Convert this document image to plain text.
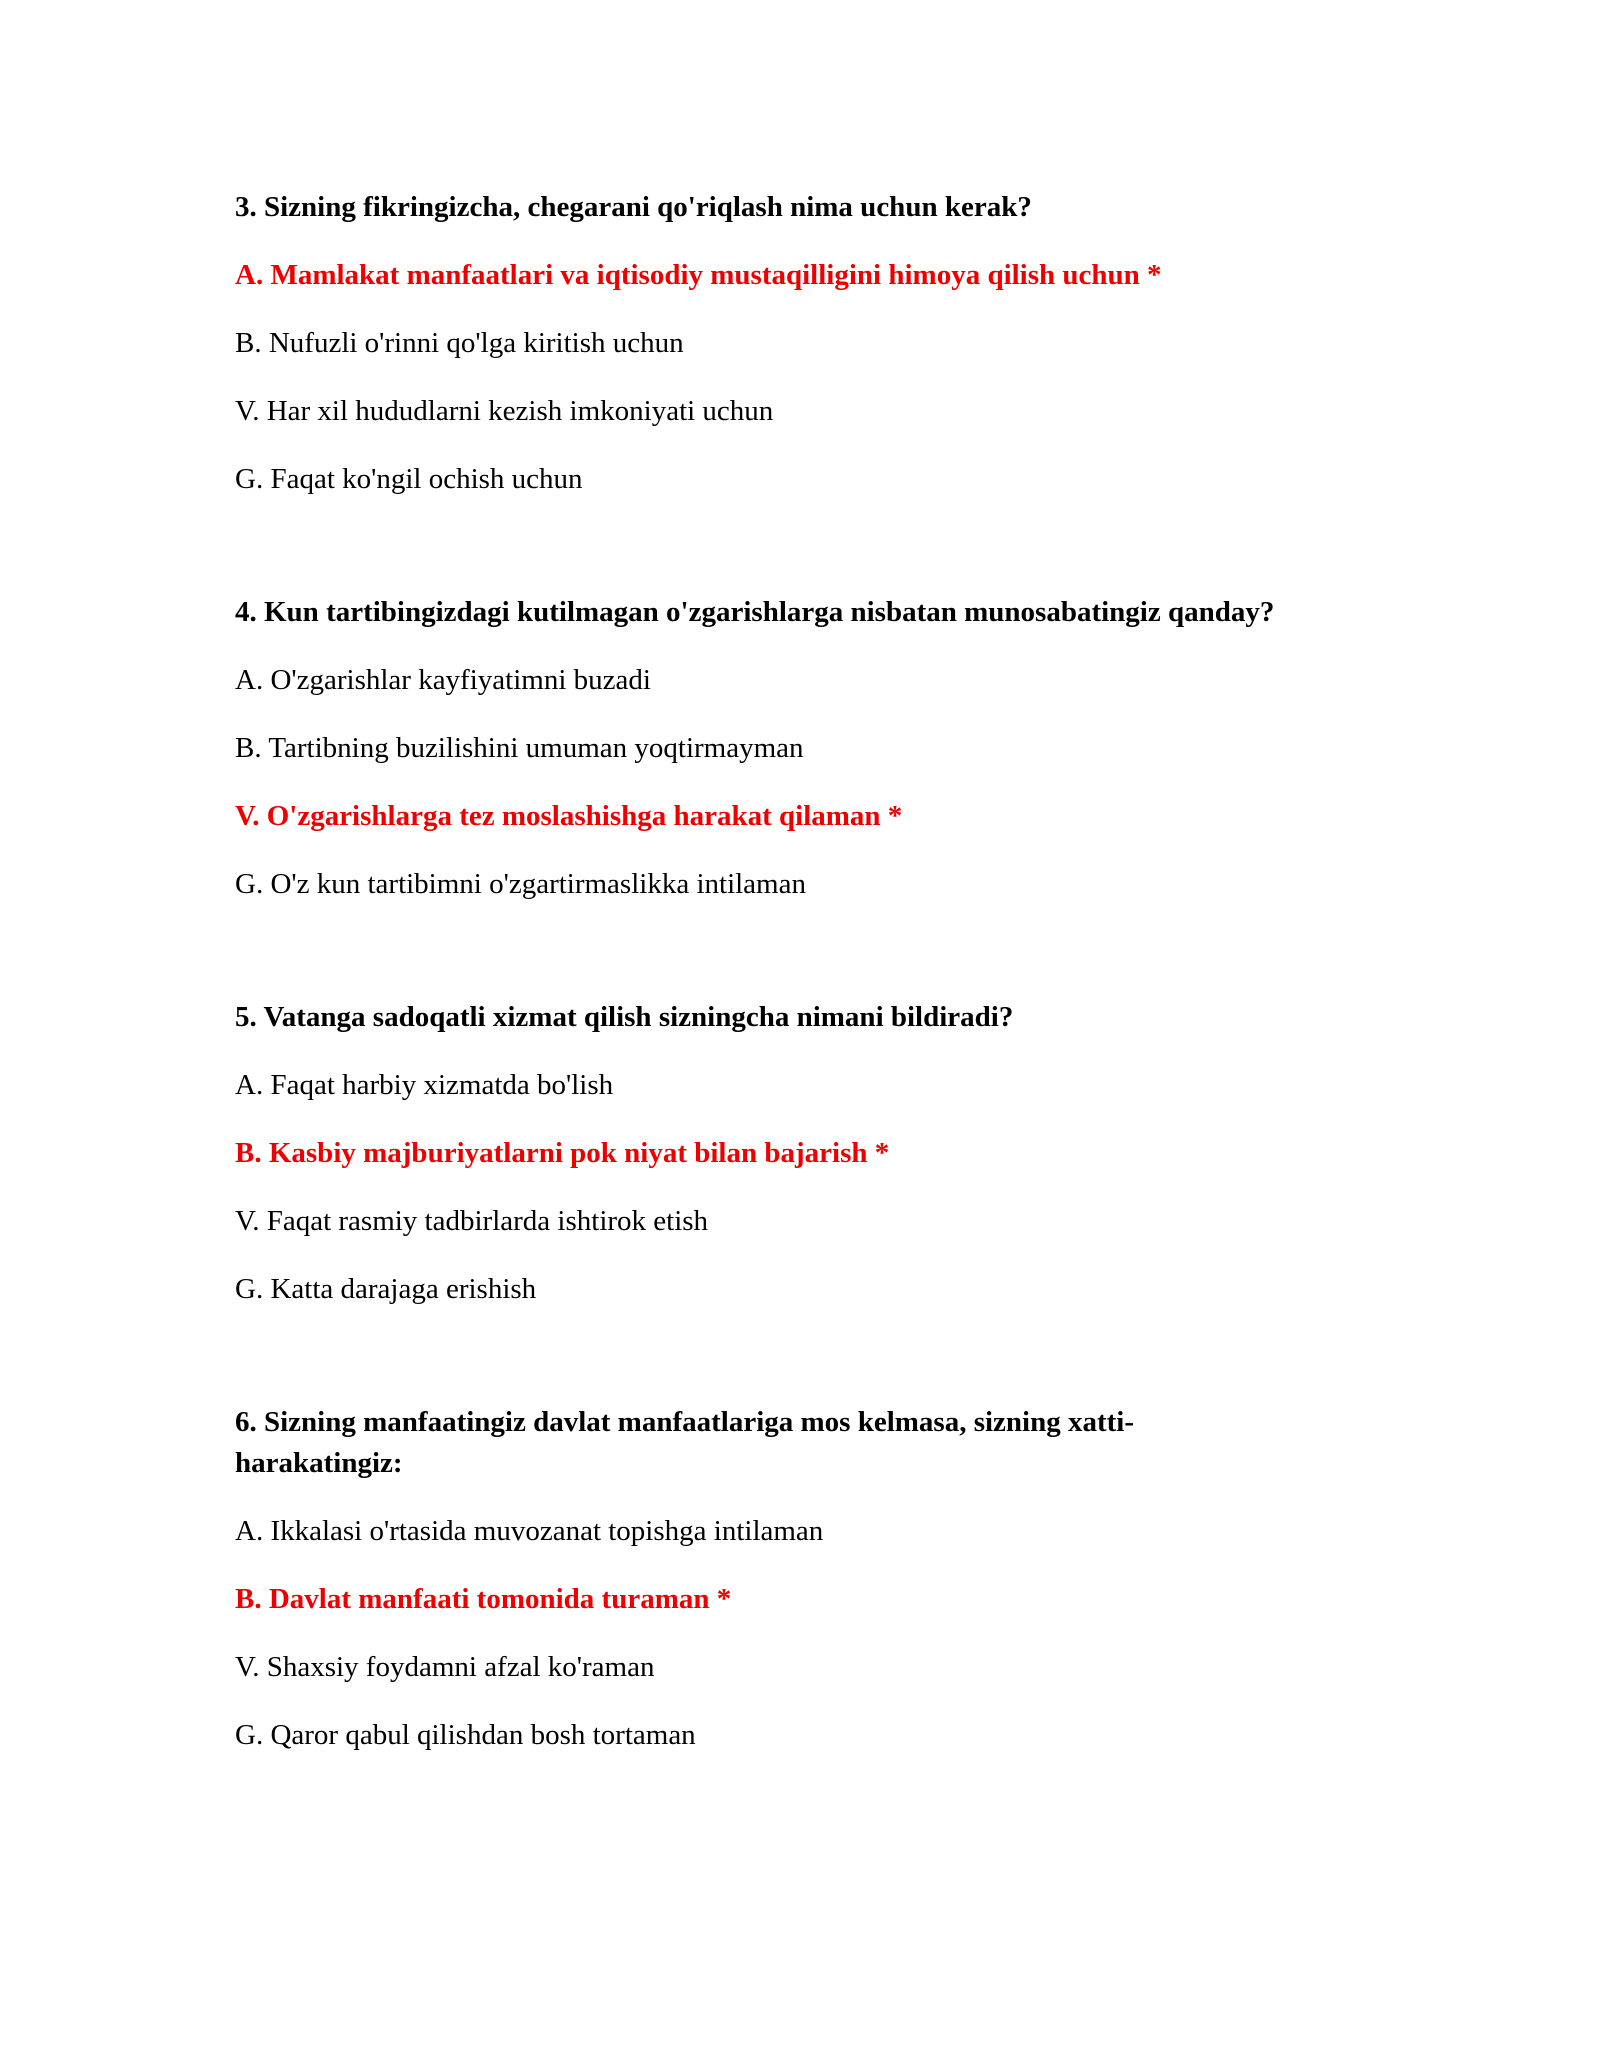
3. Sizning fikringizcha, chegarani qo'riqlash nima uchun kerak?
A. Mamlakat manfaatlari va iqtisodiy mustaqilligini himoya qilish uchun *
B. Nufuzli o'rinni qo'lga kiritish uchun
V. Har xil hududlarni kezish imkoniyati uchun
G. Faqat ko'ngil ochish uchun
4. Kun tartibingizdagi kutilmagan o'zgarishlarga nisbatan munosabatingiz qanday?
A. O'zgarishlar kayfiyatimni buzadi
B. Tartibning buzilishini umuman yoqtirmayman
V. O'zgarishlarga tez moslashishga harakat qilaman *
G. O'z kun tartibimni o'zgartirmaslikka intilaman
5. Vatanga sadoqatli xizmat qilish sizningcha nimani bildiradi?
A. Faqat harbiy xizmatda bo'lish
B. Kasbiy majburiyatlarni pok niyat bilan bajarish *
V. Faqat rasmiy tadbirlarda ishtirok etish
G. Katta darajaga erishish
6. Sizning manfaatingiz davlat manfaatlariga mos kelmasa, sizning xatti-
harakatingiz:
A. Ikkalasi o'rtasida muvozanat topishga intilaman
B. Davlat manfaati tomonida turaman *
V. Shaxsiy foydamni afzal ko'raman
G. Qaror qabul qilishdan bosh tortaman
